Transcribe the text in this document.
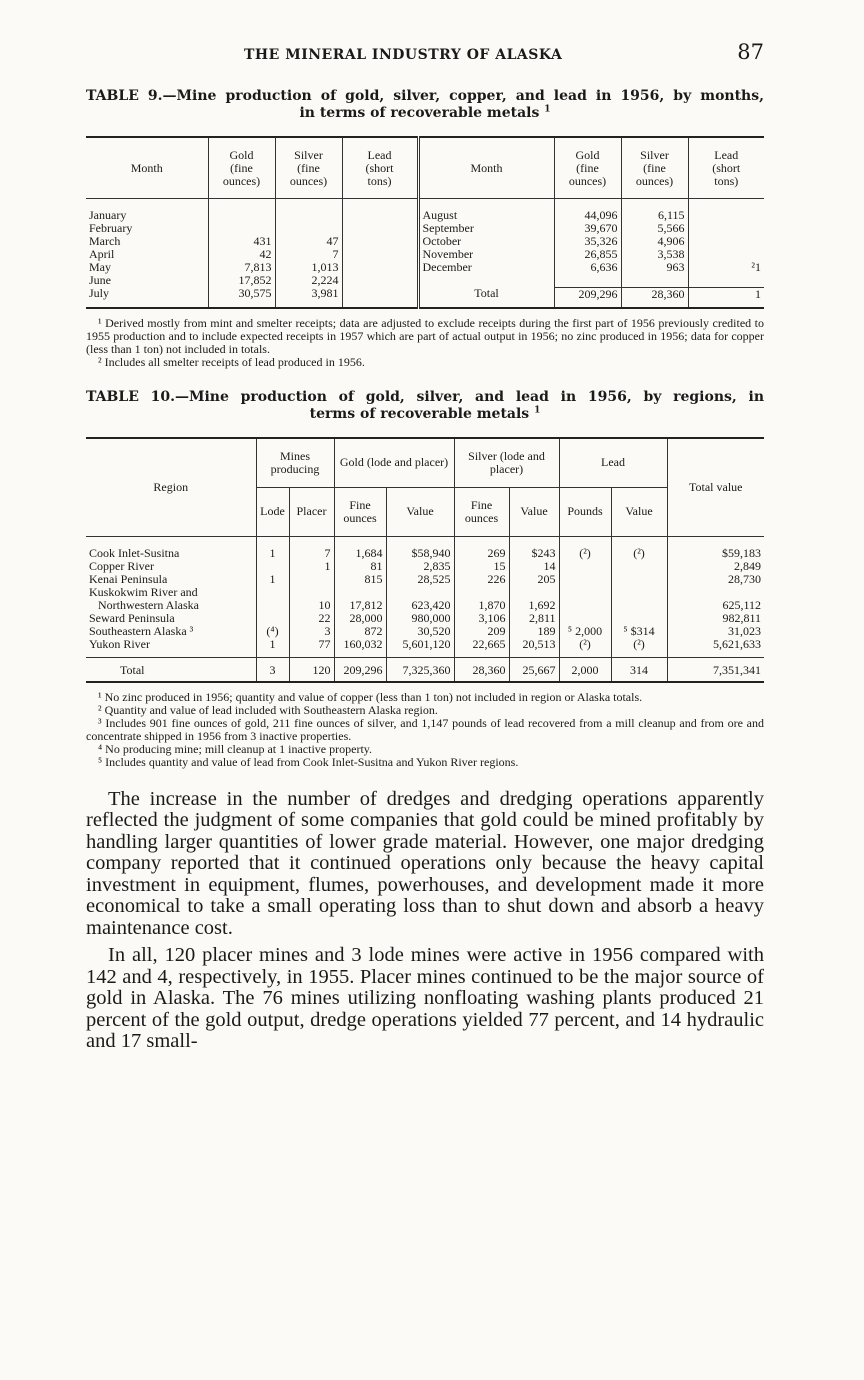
THE MINERAL INDUSTRY OF ALASKA	87
TABLE 9.—Mine production of gold, silver, copper, and lead in 1956, by months,
in terms of recoverable metals $^1$
Month	Gold
(fine
ounces)	Silver
(fine
ounces)	Lead
(short
tons)	Month	Gold
(fine
ounces)	Silver
(fine
ounces)	Lead
(short
tons)
January				August	44,096	6,115	
February				September	39,670	5,566	
March	431	47		October	35,326	4,906	
April	42	7		November	26,855	3,538	
May	7,813	1,013		December	6,636	963	²1
June	17,852	2,224					
July	30,575	3,981		Total	209,296	28,360	1

¹ Derived mostly from mint and smelter receipts; data are adjusted to exclude receipts during the first part of 1956 previously credited to 1955 production and to include expected receipts in 1957 which are part of actual output in 1956; no zinc produced in 1956; data for copper (less than 1 ton) not included in totals.

² Includes all smelter receipts of lead produced in 1956.

TABLE 10.—Mine production of gold, silver, and lead in 1956, by regions, in
terms of recoverable metals $^1$
Region	Mines producing		Gold (lode and placer)		Silver (lode and placer)		Lead		Total value
	Lode	Placer	Fine ounces	Value	Fine ounces	Value	Pounds	Value	
Cook Inlet-Susitna	1	7	1,684	$58,940	269	$243	(²)	(²)	$59,183
Copper River		1	81	2,835	15	14			2,849
Kenai Peninsula	1		815	28,525	226	205			28,730
Kuskokwim River and									
Northwestern Alaska		10	17,812	623,420	1,870	1,692			625,112
Seward Peninsula		22	28,000	980,000	3,106	2,811			982,811
Southeastern Alaska ³	(⁴)	3	872	30,520	209	189	⁵ 2,000	⁵ $314	31,023
Yukon River	1	77	160,032	5,601,120	22,665	20,513	(²)	(²)	5,621,633
Total	3	120	209,296	7,325,360	28,360	25,667	2,000	314	7,351,341

¹ No zinc produced in 1956; quantity and value of copper (less than 1 ton) not included in region or Alaska totals.

² Quantity and value of lead included with Southeastern Alaska region.

³ Includes 901 fine ounces of gold, 211 fine ounces of silver, and 1,147 pounds of lead recovered from a mill cleanup and from ore and concentrate shipped in 1956 from 3 inactive properties.

⁴ No producing mine; mill cleanup at 1 inactive property.

⁵ Includes quantity and value of lead from Cook Inlet-Susitna and Yukon River regions.

The increase in the number of dredges and dredging operations apparently reflected the judgment of some companies that gold could be mined profitably by handling larger quantities of lower grade material. However, one major dredging company reported that it continued operations only because the heavy capital investment in equipment, flumes, powerhouses, and development made it more economical to take a small operating loss than to shut down and absorb a heavy maintenance cost.

In all, 120 placer mines and 3 lode mines were active in 1956 compared with 142 and 4, respectively, in 1955. Placer mines continued to be the major source of gold in Alaska. The 76 mines utilizing nonfloating washing plants produced 21 percent of the gold output, dredge operations yielded 77 percent, and 14 hydraulic and 17 small-
